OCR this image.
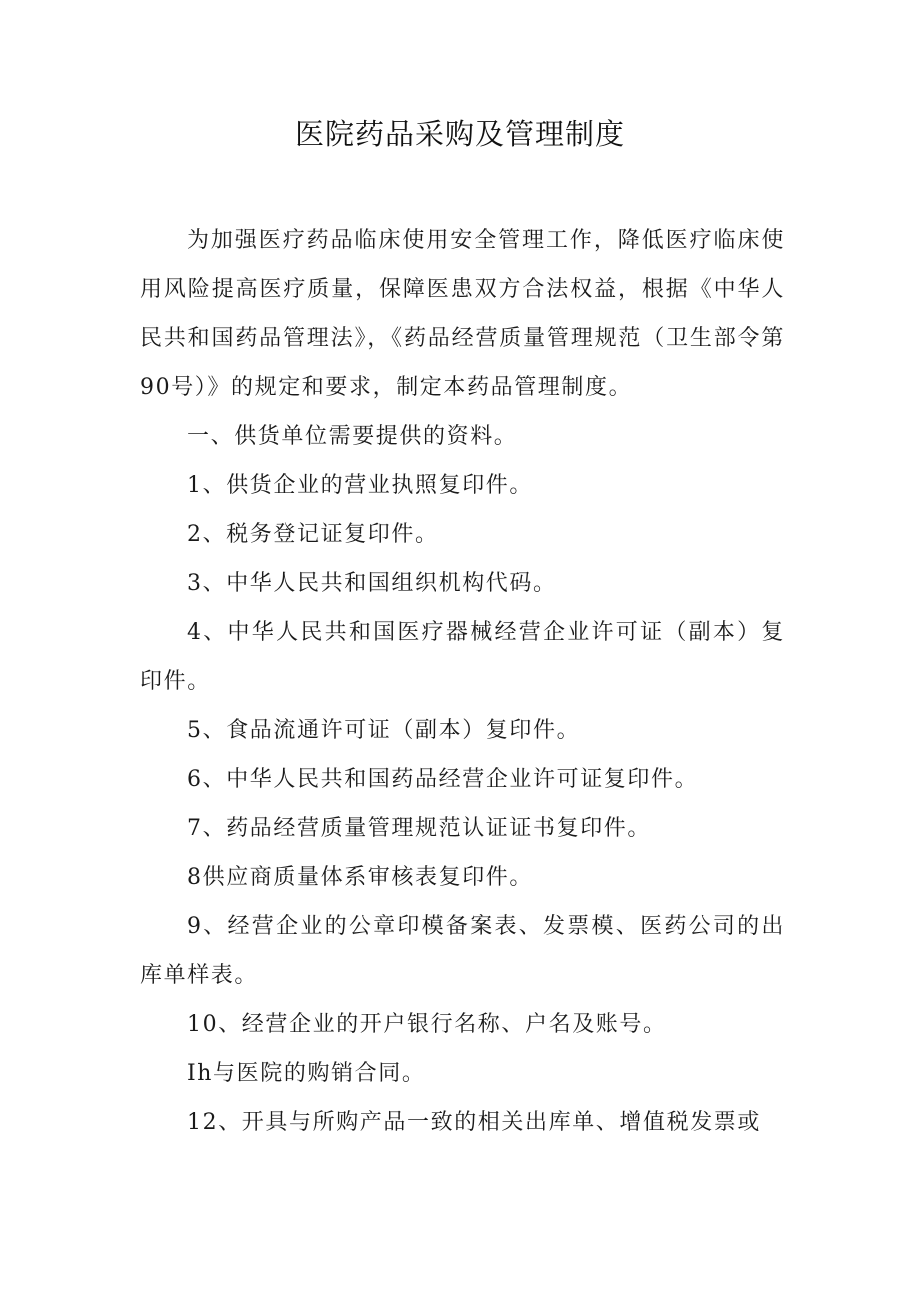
医院药品采购及管理制度

为加强医疗药品临床使用安全管理工作，降低医疗临床使用风险提高医疗质量，保障医患双方合法权益，根据《中华人民共和国药品管理法》，《药品经营质量管理规范（卫生部令第90号）》的规定和要求，制定本药品管理制度。

一、供货单位需要提供的资料。

1、供货企业的营业执照复印件。

2、税务登记证复印件。

3、中华人民共和国组织机构代码。

4、中华人民共和国医疗器械经营企业许可证（副本）复印件。

5、食品流通许可证（副本）复印件。

6、中华人民共和国药品经营企业许可证复印件。

7、药品经营质量管理规范认证证书复印件。

8供应商质量体系审核表复印件。

9、经营企业的公章印模备案表、发票模、医药公司的出库单样表。

10、经营企业的开户银行名称、户名及账号。

Ih与医院的购销合同。

12、开具与所购产品一致的相关出库单、增值税发票或
